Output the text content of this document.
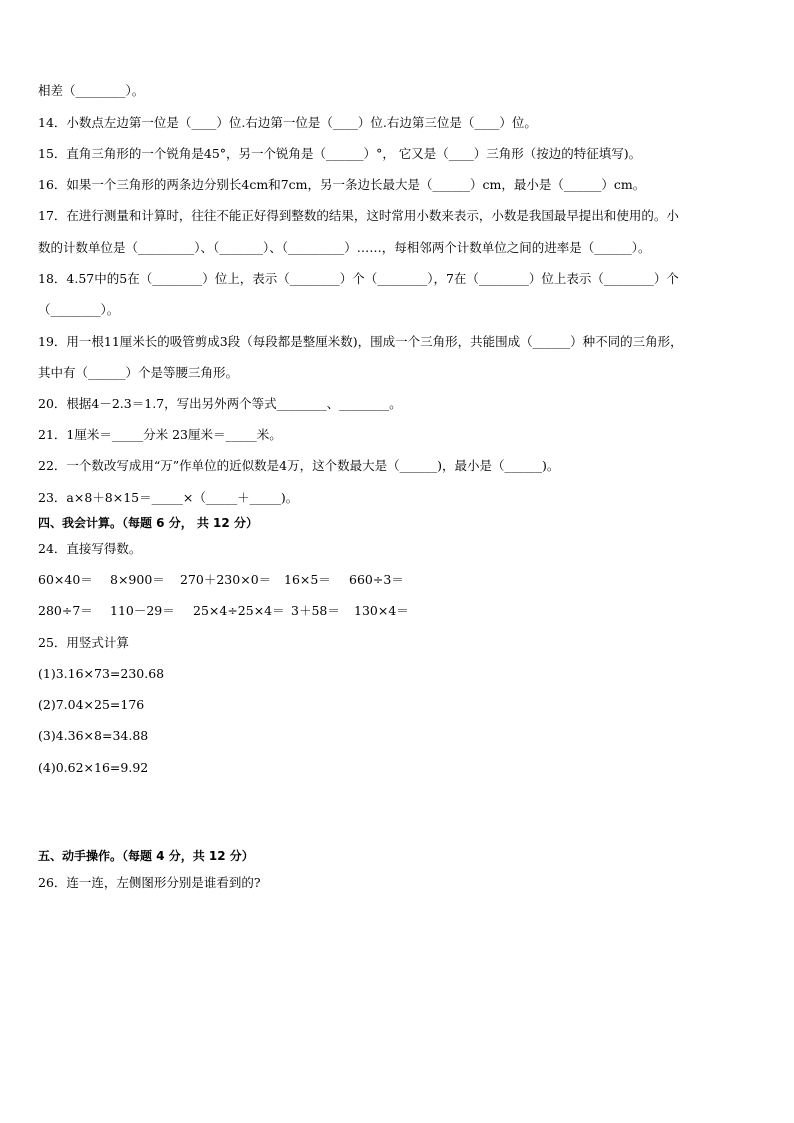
相差（________）。
14．小数点左边第一位是（____）位.右边第一位是（____）位.右边第三位是（____）位。
15．直角三角形的一个锐角是45°，另一个锐角是（______）°， 它又是（____）三角形（按边的特征填写)。
16．如果一个三角形的两条边分别长4cm和7cm，另一条边长最大是（______）cm，最小是（______）cm。
17．在进行测量和计算时，往往不能正好得到整数的结果，这时常用小数来表示，小数是我国最早提出和使用的。小
数的计数单位是（_________）、（_______）、（_________）……，每相邻两个计数单位之间的进率是（______）。
18．4.57中的5在（________）位上，表示（________）个（________），7在（________）位上表示（________）个
（________）。
19．用一根11厘米长的吸管剪成3段（每段都是整厘米数)，围成一个三角形，共能围成（______）种不同的三角形，
其中有（______）个是等腰三角形。
20．根据4－2.3＝1.7，写出另外两个等式________、________。
21．1厘米＝_____分米 23厘米＝_____米。
22．一个数改写成用“万”作单位的近似数是4万，这个数最大是（______)，最小是（______)。
23．a×8＋8×15＝_____×（_____＋_____)。
四、我会计算。（每题 6 分， 共 12 分）
24．直接写得数。
60×40＝ 8×900＝ 270＋230×0＝ 16×5＝ 660÷3＝
280÷7＝ 110－29＝ 25×4÷25×4＝ 3＋58＝ 130×4＝
25．用竖式计算
(1)3.16×73=230.68
(2)7.04×25=176
(3)4.36×8=34.88
(4)0.62×16=9.92
五、动手操作。（每题 4 分，共 12 分）
26．连一连，左侧图形分别是谁看到的?
